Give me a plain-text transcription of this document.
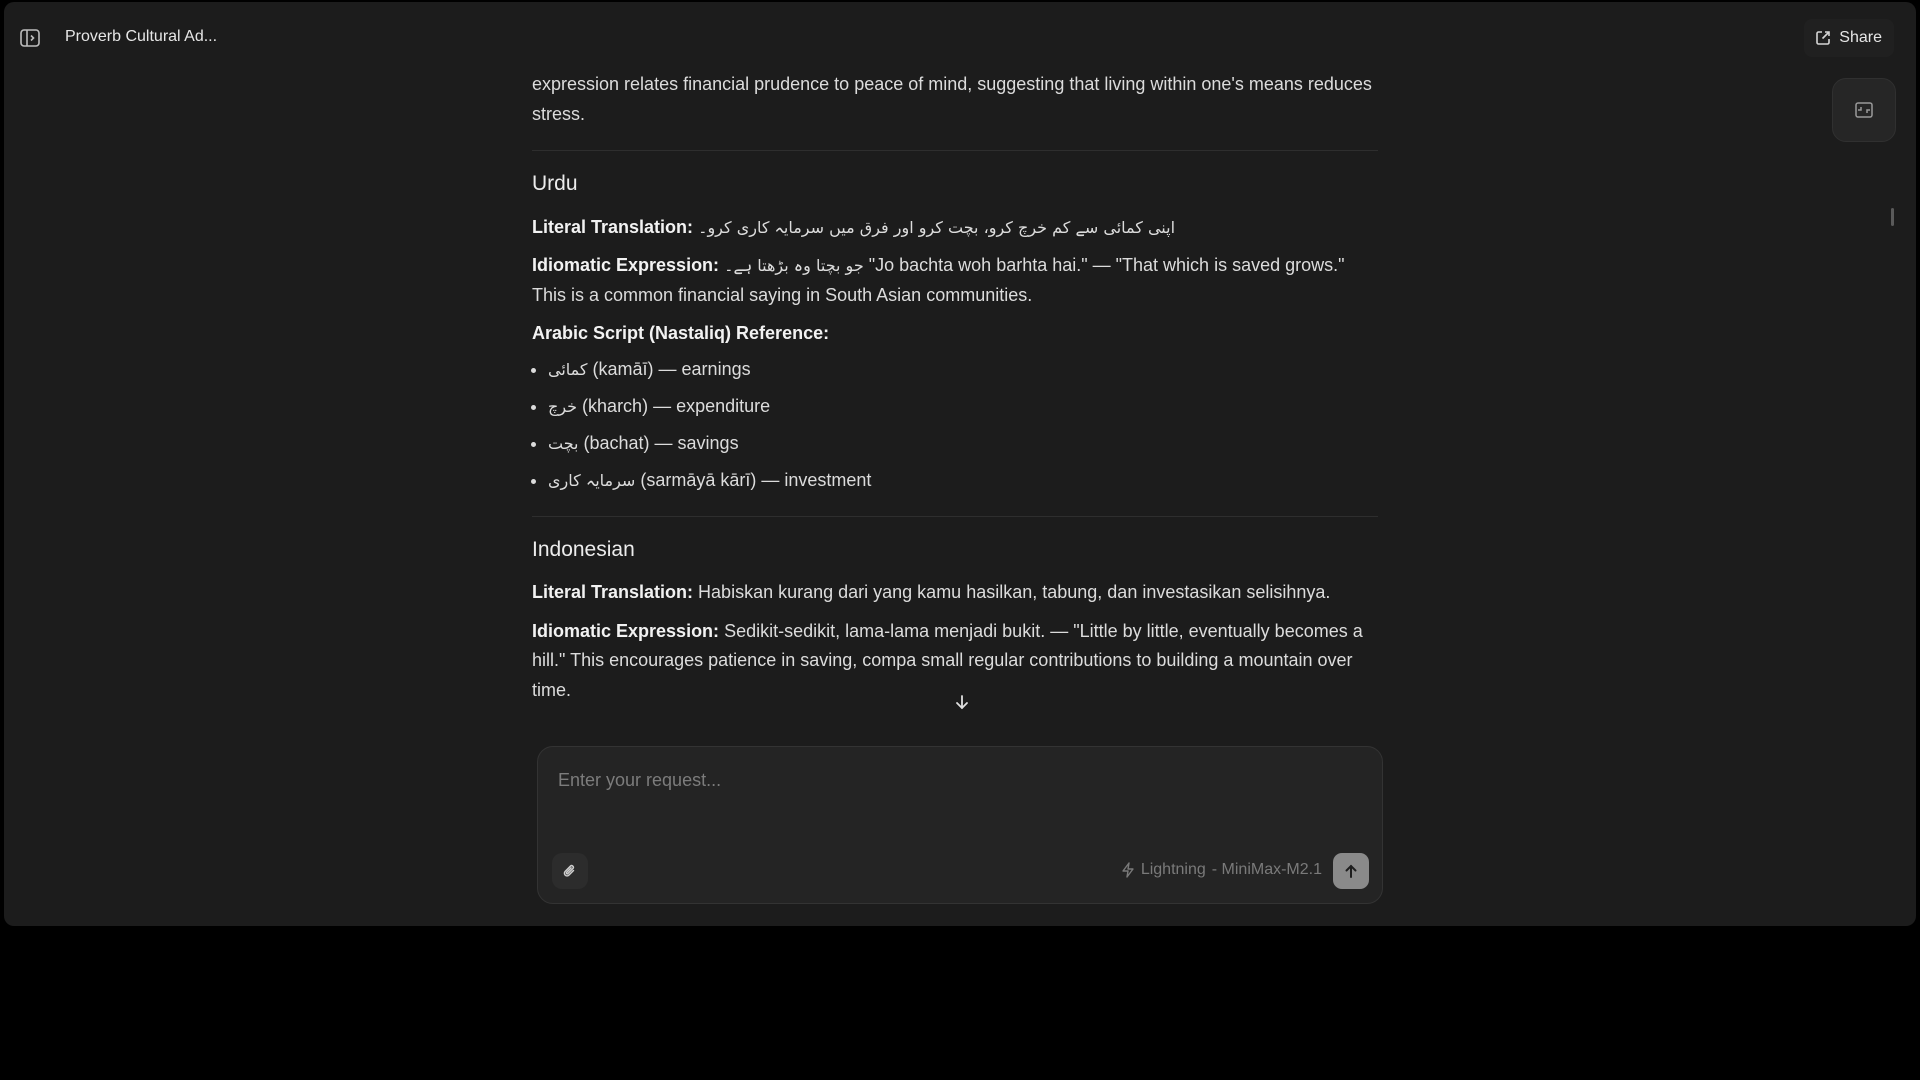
Proverb Cultural Ad...	Share

expression relates financial prudence to peace of mind, suggesting that living within one's means reduces stress.

Urdu

Literal Translation: اپنی کمائی سے کم خرچ کرو، بچت کرو اور فرق میں سرمایہ کاری کرو۔

Idiomatic Expression: جو بچتا وہ بڑھتا ہے۔ "Jo bachta woh barhta hai." — "That which is saved grows." This is a common financial saying in South Asian communities.

Arabic Script (Nastaliq) Reference:

• کمائی (kamāī) — earnings
• خرچ (kharch) — expenditure
• بچت (bachat) — savings
• سرمایہ کاری (sarmāyā kārī) — investment
Indonesian

Literal Translation: Habiskan kurang dari yang kamu hasilkan, tabung, dan investasikan selisihnya.

Idiomatic Expression: Sedikit-sedikit, lama-lama menjadi bukit. — "Little by little, eventually becomes a hill." This encourages patience in saving, compa small regular contributions to building a mountain over time.

Enter your request...
Lightning - MiniMax-M2.1
